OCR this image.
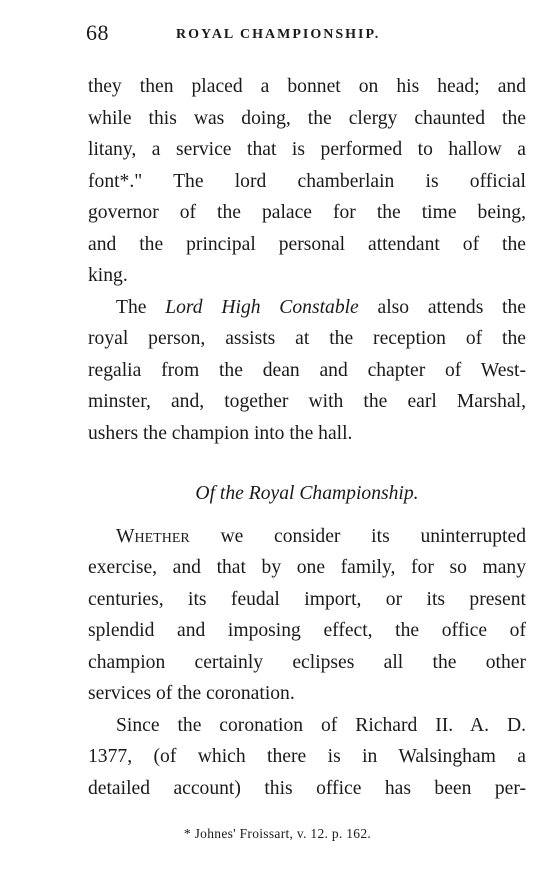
68	ROYAL CHAMPIONSHIP.
they then placed a bonnet on his head; and
while this was doing, the clergy chaunted the
litany, a service that is performed to hallow a
font*." The lord chamberlain is official
governor of the palace for the time being,
and the principal personal attendant of the
king.
The Lord High Constable also attends the
royal person, assists at the reception of the
regalia from the dean and chapter of West-
minster, and, together with the earl Marshal,
ushers the champion into the hall.
Of the Royal Championship.
Whether we consider its uninterrupted
exercise, and that by one family, for so many
centuries, its feudal import, or its present
splendid and imposing effect, the office of
champion certainly eclipses all the other
services of the coronation.
Since the coronation of Richard II. A. D.
1377, (of which there is in Walsingham a
detailed account) this office has been per-
* Johnes' Froissart, v. 12. p. 162.
